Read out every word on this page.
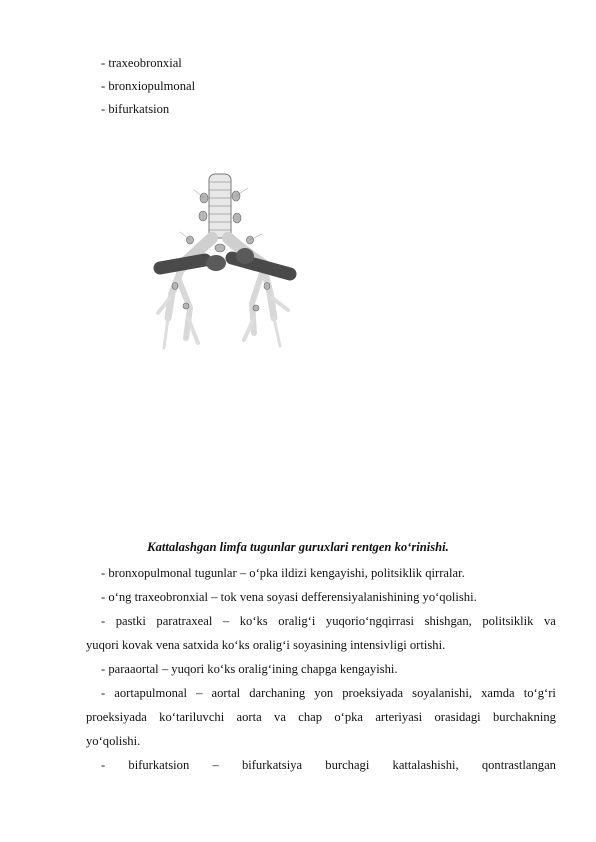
- traxeobronxial
- bronxiopulmonal
- bifurkatsion
Kattalashgan limfa tugunlar guruxlari rentgen ko‘rinishi.
- bronxopulmonal tugunlar – o‘pka ildizi kengayishi, politsiklik qirralar.
- o‘ng traxeobronxial – tok vena soyasi defferensiyalanishining yo‘qolishi.
- pastki paratraxeal – ko‘ks oralig‘i yuqorio‘ngqirrasi shishgan, politsiklik va
yuqori kovak vena satxida ko‘ks oralig‘i soyasining intensivligi ortishi.
- paraaortal – yuqori ko‘ks oralig‘ining chapga kengayishi.
- aortapulmonal – aortal darchaning yon proeksiyada soyalanishi, xamda to‘g‘ri
proeksiyada ko‘tariluvchi aorta va chap o‘pka arteriyasi orasidagi burchakning
yo‘qolishi.
- bifurkatsion – bifurkatsiya burchagi kattalashishi, qontrastlangan
